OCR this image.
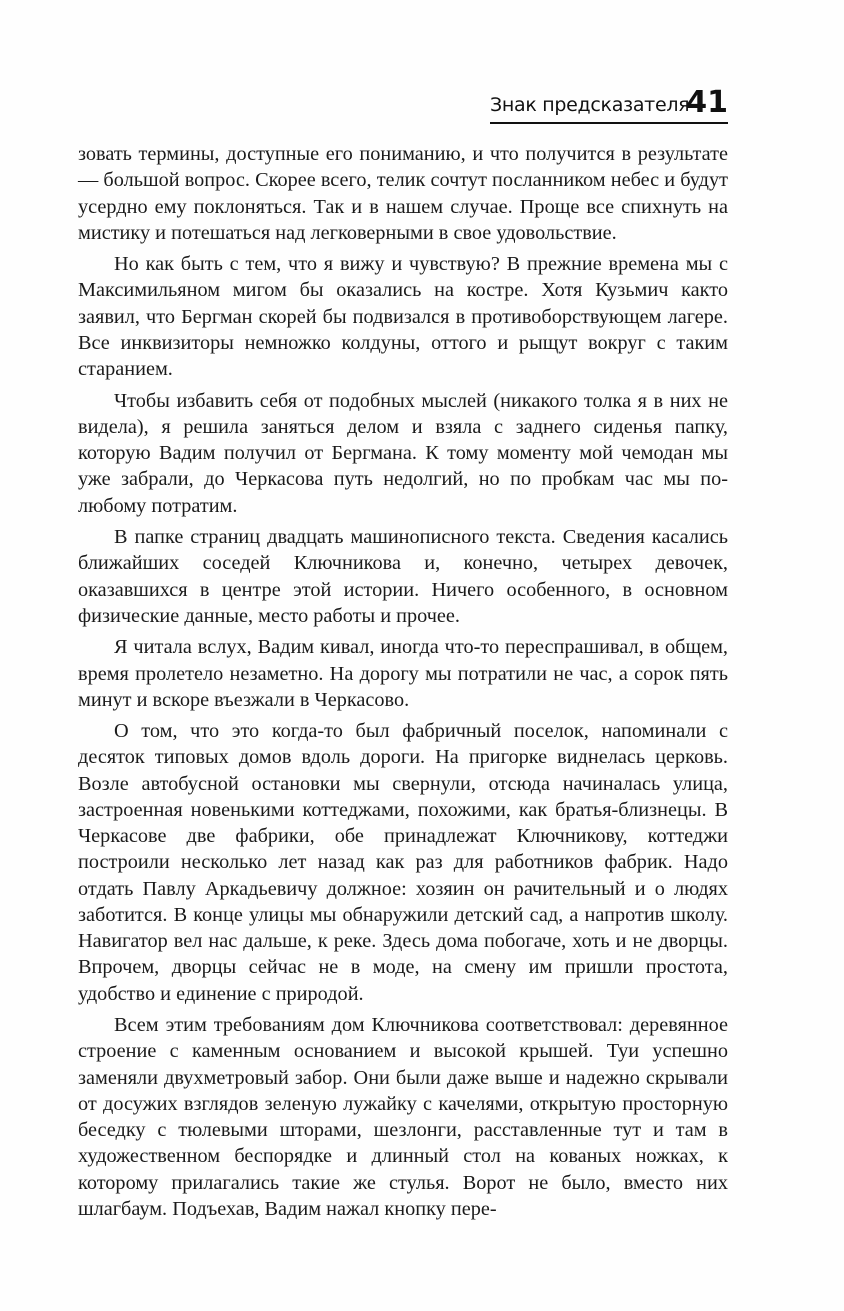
Знак предсказателя
41

зовать термины, доступные его пониманию, и что получится в результате — большой вопрос. Скорее всего, телик сочтут посланником небес и будут усердно ему поклоняться. Так и в нашем случае. Проще все спихнуть на мистику и потешаться над легковерными в свое удовольствие.

Но как быть с тем, что я вижу и чувствую? В прежние времена мы с Максимильяном мигом бы оказались на костре. Хотя Кузьмич както заявил, что Бергман скорей бы подвизался в противоборствующем лагере. Все инквизиторы немножко колдуны, оттого и рыщут вокруг с таким старанием.

Чтобы избавить себя от подобных мыслей (никакого толка я в них не видела), я решила заняться делом и взяла с заднего сиденья папку, которую Вадим получил от Бергмана. К тому моменту мой чемодан мы уже забрали, до Черкасова путь недолгий, но по пробкам час мы по-любому потратим.

В папке страниц двадцать машинописного текста. Сведения касались ближайших соседей Ключникова и, конечно, четырех девочек, оказавшихся в центре этой истории. Ничего особенного, в основном физические данные, место работы и прочее.

Я читала вслух, Вадим кивал, иногда что-то переспрашивал, в общем, время пролетело незаметно. На дорогу мы потратили не час, а сорок пять минут и вскоре въезжали в Черкасово.

О том, что это когда-то был фабричный поселок, напоминали с десяток типовых домов вдоль дороги. На пригорке виднелась церковь. Возле автобусной остановки мы свернули, отсюда начиналась улица, застроенная новенькими коттеджами, похожими, как братья-близнецы. В Черкасове две фабрики, обе принадлежат Ключникову, коттеджи построили несколько лет назад как раз для работников фабрик. Надо отдать Павлу Аркадьевичу должное: хозяин он рачительный и о людях заботится. В конце улицы мы обнаружили детский сад, а напротив школу. Навигатор вел нас дальше, к реке. Здесь дома побогаче, хоть и не дворцы. Впрочем, дворцы сейчас не в моде, на смену им пришли простота, удобство и единение с природой.

Всем этим требованиям дом Ключникова соответствовал: деревянное строение с каменным основанием и высокой крышей. Туи успешно заменяли двухметровый забор. Они были даже выше и надежно скрывали от досужих взглядов зеленую лужайку с качелями, открытую просторную беседку с тюлевыми шторами, шезлонги, расставленные тут и там в художественном беспорядке и длинный стол на кованых ножках, к которому прилагались такие же стулья. Ворот не было, вместо них шлагбаум. Подъехав, Вадим нажал кнопку пере-
